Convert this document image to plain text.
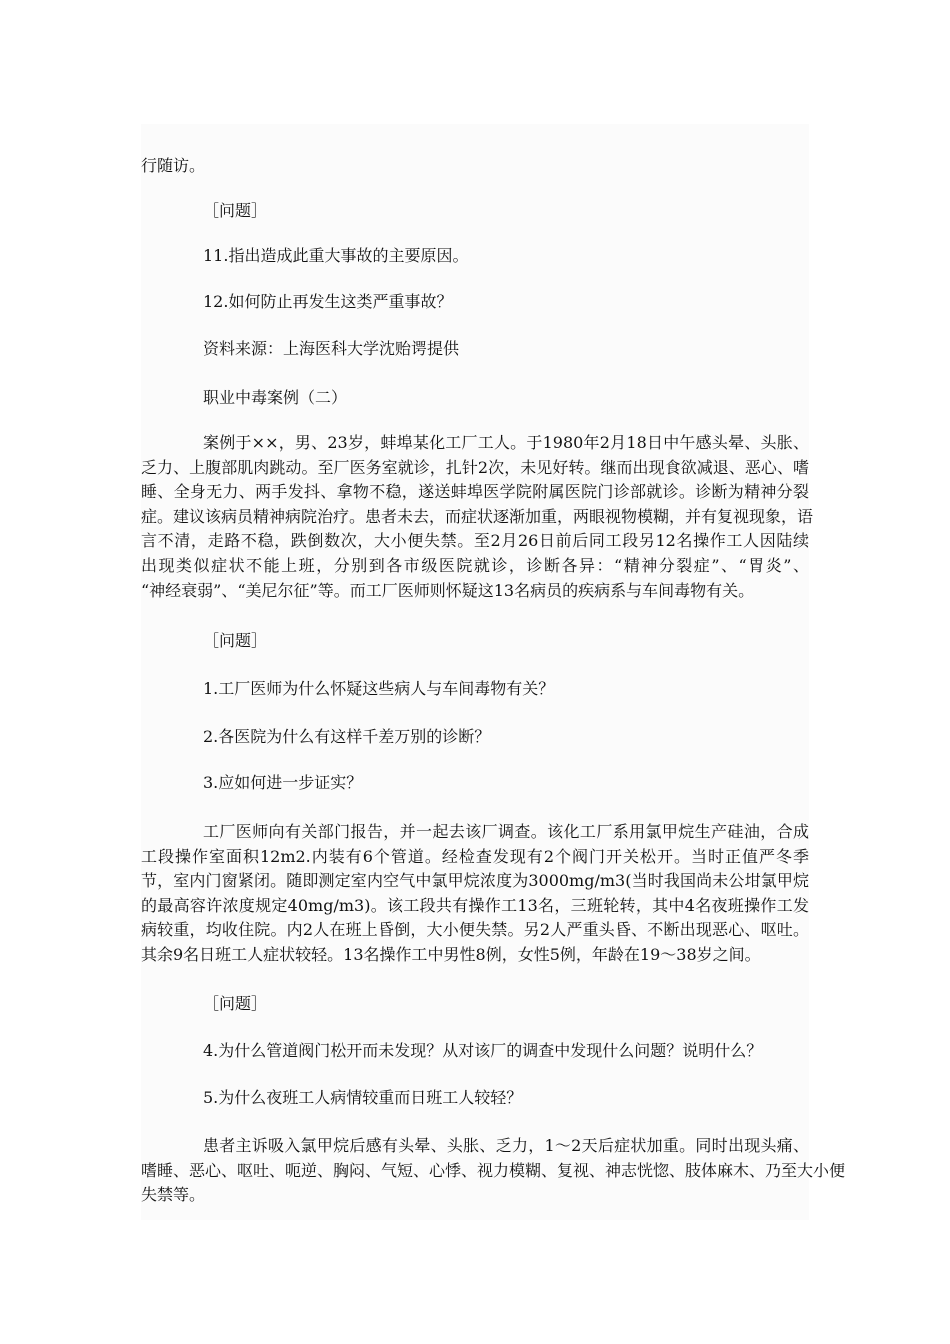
行随访。
［问题］
11.指出造成此重大事故的主要原因。
12.如何防止再发生这类严重事故？
资料来源：上海医科大学沈贻谔提供
职业中毒案例（二）
案例于××，男、23岁，蚌埠某化工厂工人。于1980年2月18日中午感头晕、头胀、
乏力、上腹部肌肉跳动。至厂医务室就诊，扎针2次，未见好转。继而出现食欲减退、恶心、嗜
睡、全身无力、两手发抖、拿物不稳，遂送蚌埠医学院附属医院门诊部就诊。诊断为精神分裂
症。建议该病员精神病院治疗。患者未去，而症状逐渐加重，两眼视物模糊，并有复视现象，语
言不清，走路不稳，跌倒数次，大小便失禁。至2月26日前后同工段另12名操作工人因陆续
出现类似症状不能上班，分别到各市级医院就诊，诊断各异：“精神分裂症”、“胃炎”、
“神经衰弱”、“美尼尔征”等。而工厂医师则怀疑这13名病员的疾病系与车间毒物有关。
［问题］
1.工厂医师为什么怀疑这些病人与车间毒物有关？
2.各医院为什么有这样千差万别的诊断？
3.应如何进一步证实？
工厂医师向有关部门报告，并一起去该厂调查。该化工厂系用氯甲烷生产硅油，合成
工段操作室面积12m2.内装有6个管道。经检查发现有2个阀门开关松开。当时正值严冬季
节，室内门窗紧闭。随即测定室内空气中氯甲烷浓度为3000mg/m3(当时我国尚未公坩氯甲烷
的最高容许浓度规定40mg/m3)。该工段共有操作工13名，三班轮转，其中4名夜班操作工发
病较重，均收住院。内2人在班上昏倒，大小便失禁。另2人严重头昏、不断出现恶心、呕吐。
其余9名日班工人症状较轻。13名操作工中男性8例，女性5例，年龄在19～38岁之间。
［问题］
4.为什么管道阀门松开而未发现？从对该厂的调查中发现什么问题？说明什么？
5.为什么夜班工人病情较重而日班工人较轻？
患者主诉吸入氯甲烷后感有头晕、头胀、乏力，1～2天后症状加重。同时出现头痛、
嗜睡、恶心、呕吐、呃逆、胸闷、气短、心悸、视力模糊、复视、神志恍惚、肢体麻木、乃至大小便
失禁等。
